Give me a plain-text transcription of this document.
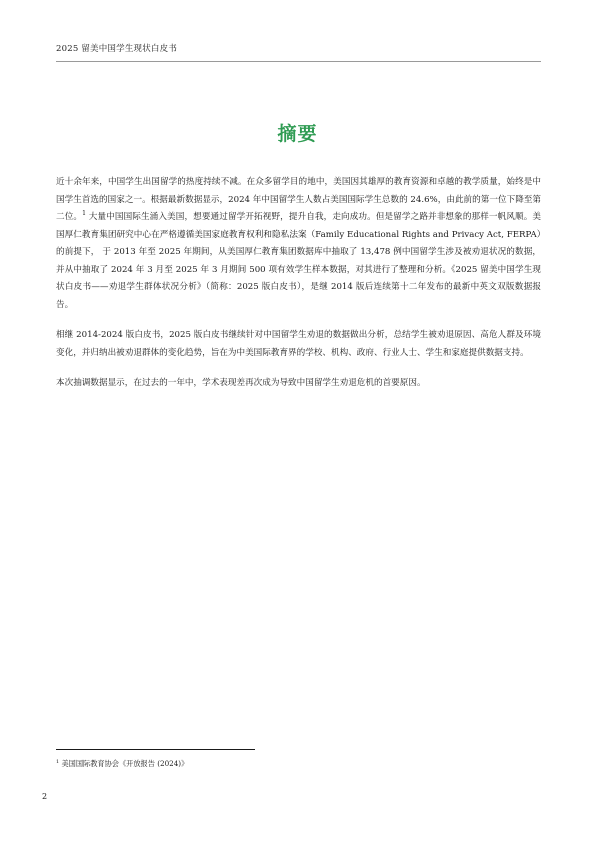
2025 留美中国学生现状白皮书
摘要

近十余年来，中国学生出国留学的热度持续不减。在众多留学目的地中，美国因其雄厚的教育资源和卓越的教学质量，始终是中国学生首选的国家之一。根据最新数据显示，2024 年中国留学生人数占美国国际学生总数的 24.6%，由此前的第一位下降至第二位。$^1$ 大量中国国际生涌入美国，想要通过留学开拓视野，提升自我，走向成功。但是留学之路并非想象的那样一帆风顺。美国厚仁教育集团研究中心在严格遵循美国家庭教育权利和隐私法案（Family Educational Rights and Privacy Act, FERPA）的前提下， 于 2013 年至 2025 年期间，从美国厚仁教育集团数据库中抽取了 13,478 例中国留学生涉及被劝退状况的数据，并从中抽取了 2024 年 3 月至 2025 年 3 月期间 500 项有效学生样本数据，对其进行了整理和分析。《2025 留美中国学生现状白皮书——劝退学生群体状况分析》（简称：2025 版白皮书），是继 2014 版后连续第十二年发布的最新中英文双版数据报告。

相继 2014-2024 版白皮书，2025 版白皮书继续针对中国留学生劝退的数据做出分析，总结学生被劝退原因、高危人群及环境变化，并归纳出被劝退群体的变化趋势，旨在为中美国际教育界的学校、机构、政府、行业人士、学生和家庭提供数据支持。

本次抽调数据显示，在过去的一年中，学术表现差再次成为导致中国留学生劝退危机的首要原因。

$^1$ 美国国际教育协会《开放报告 (2024)》
2
